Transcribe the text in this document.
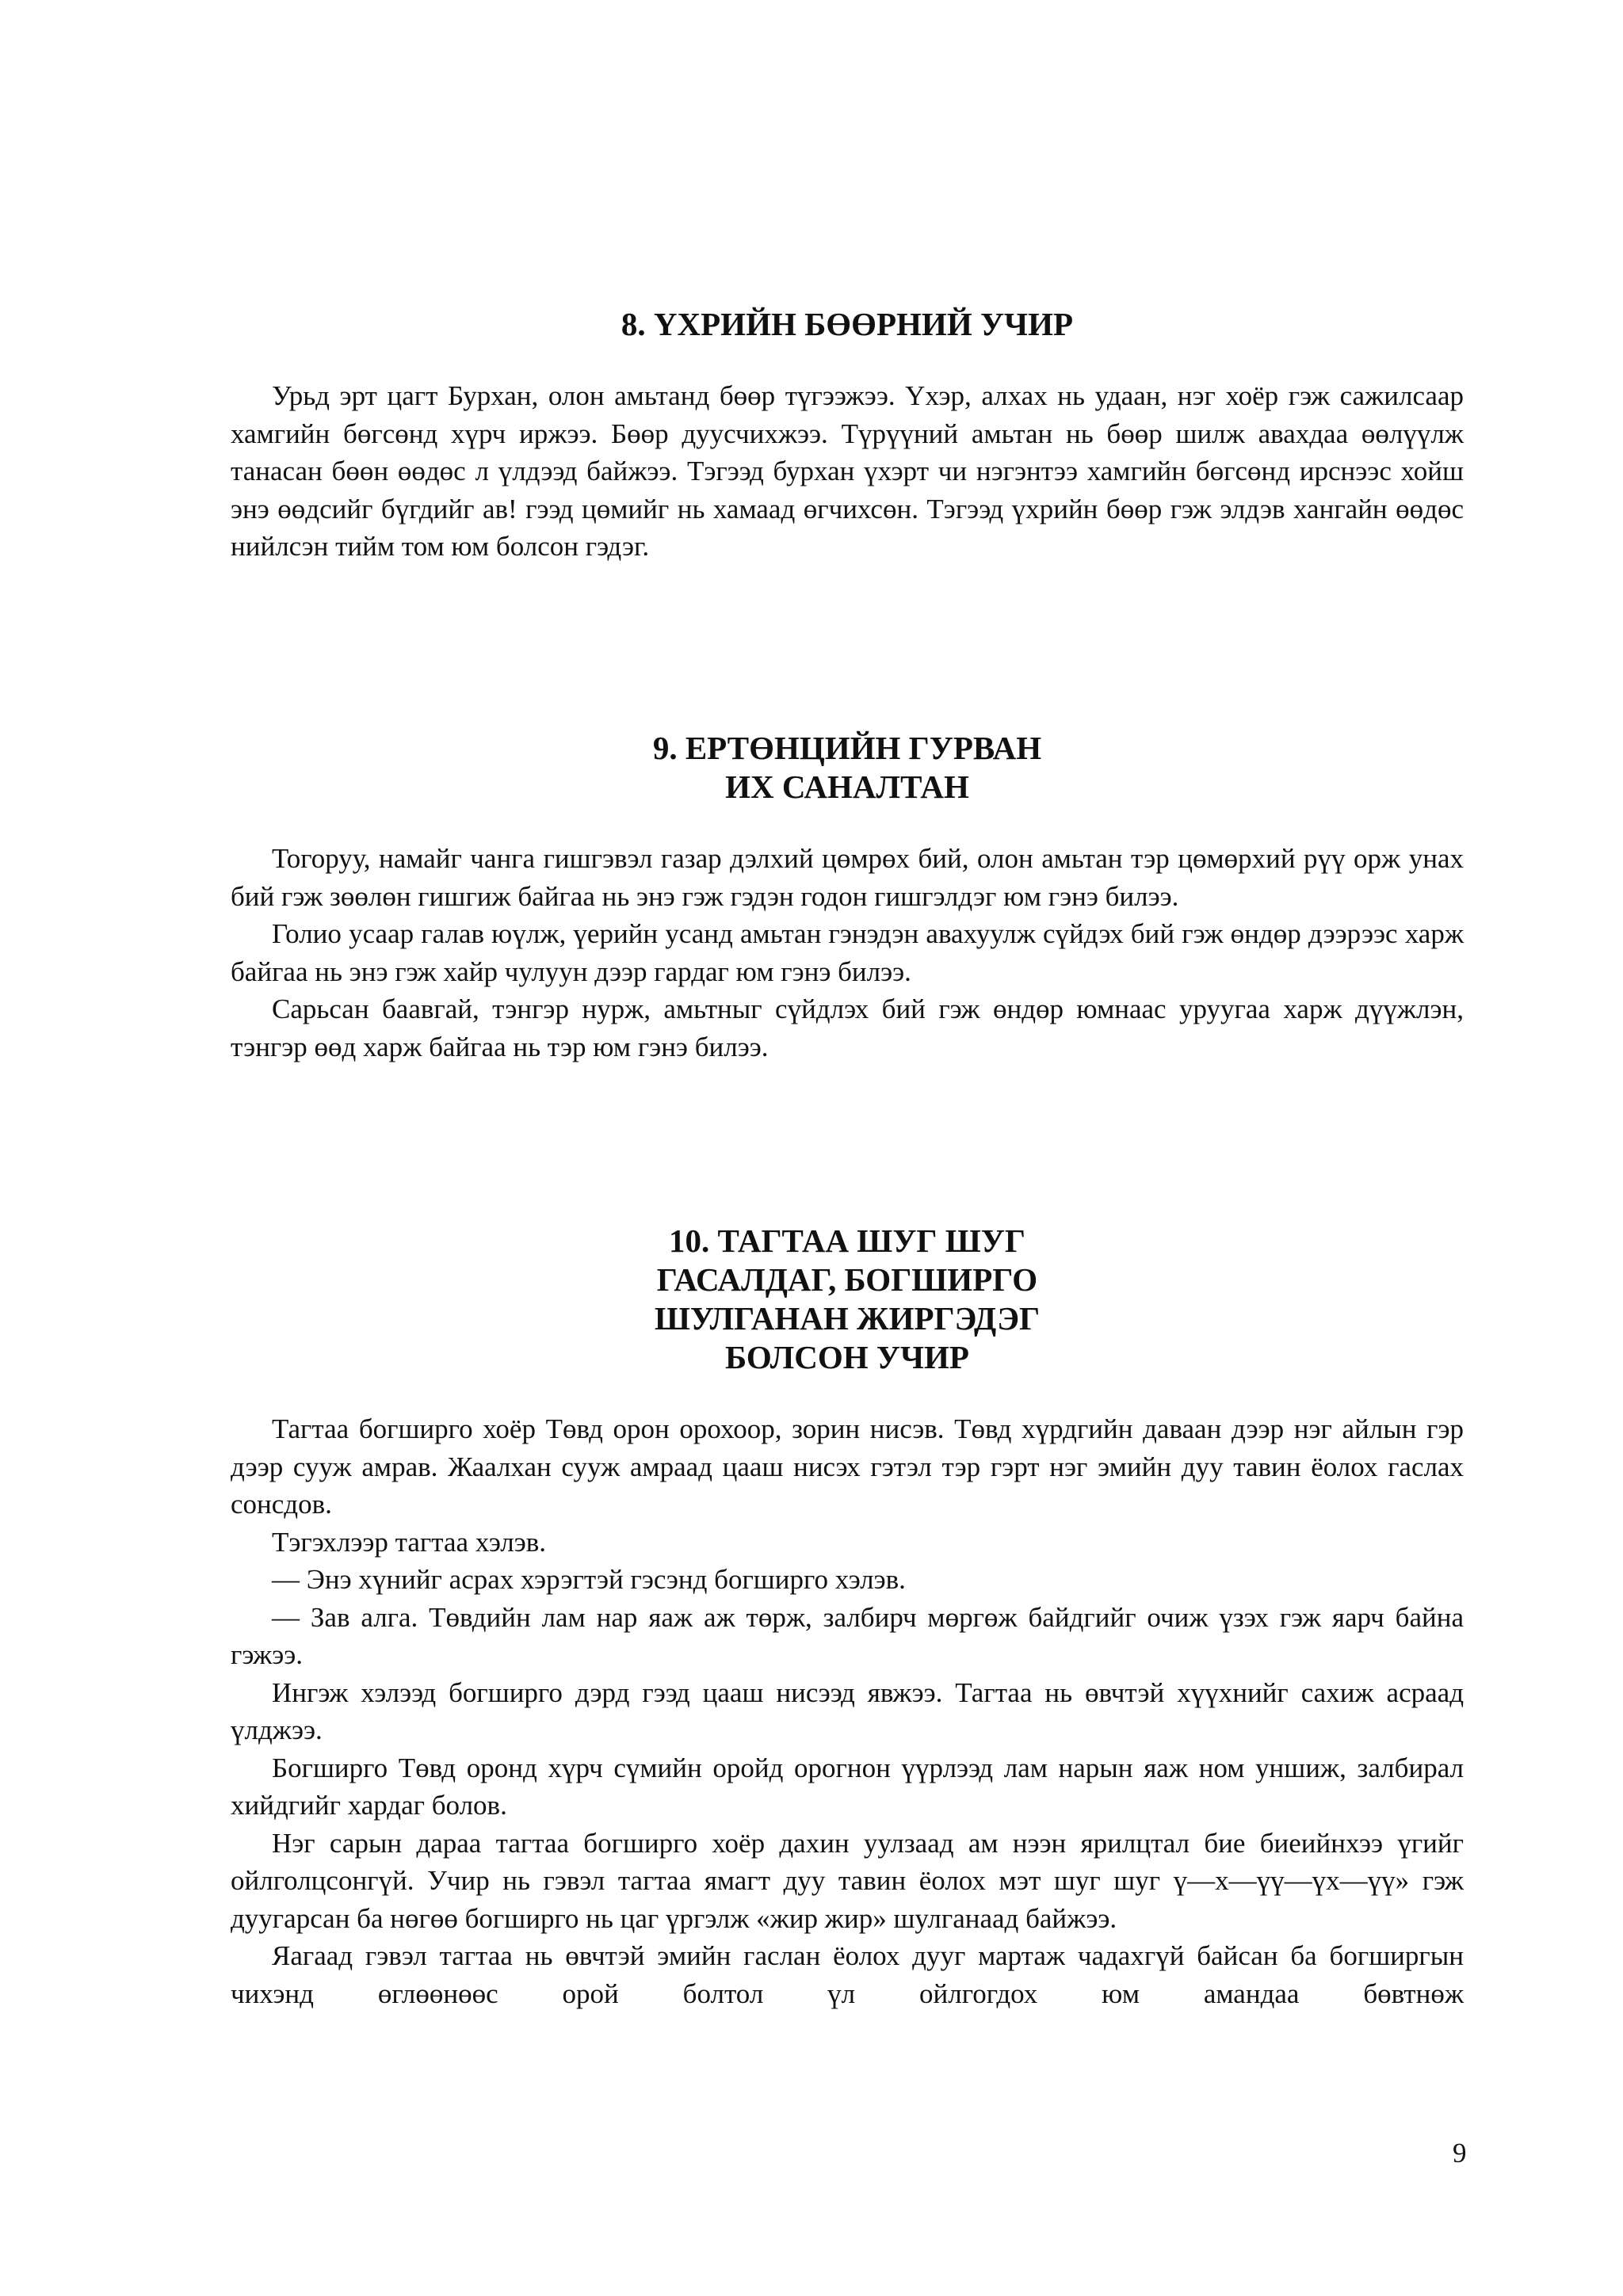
8. ҮХРИЙН БӨӨРНИЙ УЧИР

Урьд эрт цагт Бурхан, олон амьтанд бөөр түгээжээ. Үхэр, алхах нь удаан, нэг хоёр гэж сажилсаар хамгийн бөгсөнд хүрч иржээ. Бөөр дуусчихжээ. Түрүүний амьтан нь бөөр шилж авахдаа өөлүүлж танасан бөөн өөдөс л үлдээд байжээ. Тэгээд бурхан үхэрт чи нэгэнтээ хамгийн бөгсөнд ирснээс хойш энэ өөдсийг бүгдийг ав! гээд цөмийг нь хамаад өгчихсөн. Тэгээд үхрийн бөөр гэж элдэв хангайн өөдөс нийлсэн тийм том юм болсон гэдэг.

9. ЕРТӨНЦИЙН ГУРВАН
ИХ САНАЛТАН

Тогоруу, намайг чанга гишгэвэл газар дэлхий цөмрөх бий, олон амьтан тэр цөмөрхий рүү орж унах бий гэж зөөлөн гишгиж байгаа нь энэ гэж гэдэн годон гишгэлдэг юм гэнэ билээ.

Голио усаар галав юүлж, үерийн усанд амьтан гэнэдэн авахуулж сүйдэх бий гэж өндөр дээрээс харж байгаа нь энэ гэж хайр чулуун дээр гардаг юм гэнэ билээ.

Сарьсан баавгай, тэнгэр нурж, амьтныг сүйдлэх бий гэж өндөр юмнаас уруугаа харж дүүжлэн, тэнгэр өөд харж байгаа нь тэр юм гэнэ билээ.

10. ТАГТАА ШУГ ШУГ
ГАСАЛДАГ, БОГШИРГО
ШУЛГАНАН ЖИРГЭДЭГ
БОЛСОН УЧИР

Тагтаа богширго хоёр Төвд орон орохоор, зорин нисэв. Төвд хүрдгийн даваан дээр нэг айлын гэр дээр сууж амрав. Жаалхан сууж амраад цааш нисэх гэтэл тэр гэрт нэг эмийн дуу тавин ёолох гаслах сонсдов.

Тэгэхлээр тагтаа хэлэв.

— Энэ хүнийг асрах хэрэгтэй гэсэнд богширго хэлэв.

— Зав алга. Төвдийн лам нар яаж аж төрж, залбирч мөргөж байдгийг очиж үзэх гэж яарч байна гэжээ.

Ингэж хэлээд богширго дэрд гээд цааш нисээд явжээ. Тагтаа нь өвчтэй хүүхнийг сахиж асраад үлджээ.

Богширго Төвд оронд хүрч сүмийн оройд орогнон үүрлээд лам нарын яаж ном уншиж, залбирал хийдгийг хардаг болов.

Нэг сарын дараа тагтаа богширго хоёр дахин уулзаад ам нээн ярилцтал бие биеийнхээ үгийг ойлголцсонгүй. Учир нь гэвэл тагтаа ямагт дуу тавин ёолох мэт шуг шуг ү—х—үү—үх—үү» гэж дуугарсан ба нөгөө богширго нь цаг үргэлж «жир жир» шулганаад байжээ.

Яагаад гэвэл тагтаа нь өвчтэй эмийн гаслан ёолох дууг мартаж чадахгүй байсан ба богширгын чихэнд өглөөнөөс орой болтол үл ойлгогдох юм амандаа бөвтнөж

9
